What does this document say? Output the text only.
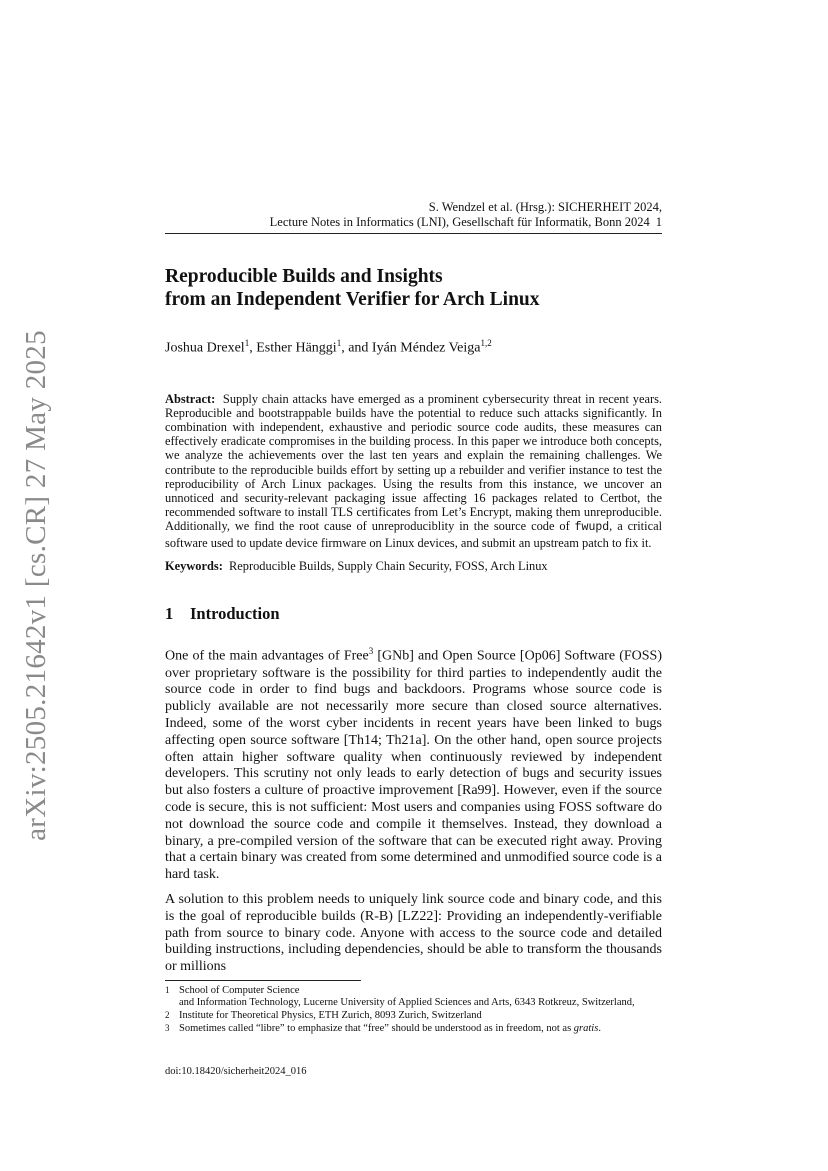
arXiv:2505.21642v1 [cs.CR] 27 May 2025
S. Wendzel et al. (Hrsg.): SICHERHEIT 2024,
Lecture Notes in Informatics (LNI), Gesellschaft für Informatik, Bonn 2024 1
Reproducible Builds and Insights
from an Independent Verifier for Arch Linux
Joshua Drexel$^1$, Esther Hänggi$^1$, and Iyán Méndez Veiga$^{1,2}$
Abstract: Supply chain attacks have emerged as a prominent cybersecurity threat in recent years. Reproducible and bootstrappable builds have the potential to reduce such attacks significantly. In combination with independent, exhaustive and periodic source code audits, these measures can effectively eradicate compromises in the building process. In this paper we introduce both concepts, we analyze the achievements over the last ten years and explain the remaining challenges. We contribute to the reproducible builds effort by setting up a rebuilder and verifier instance to test the reproducibility of Arch Linux packages. Using the results from this instance, we uncover an unnoticed and security-relevant packaging issue affecting 16 packages related to Certbot, the recommended software to install TLS certificates from Let’s Encrypt, making them unreproducible. Additionally, we find the root cause of unreproduciblity in the source code of fwupd, a critical software used to update device firmware on Linux devices, and submit an upstream patch to fix it.
Keywords: Reproducible Builds, Supply Chain Security, FOSS, Arch Linux
1 Introduction

One of the main advantages of Free$^3$ [GNb] and Open Source [Op06] Software (FOSS) over proprietary software is the possibility for third parties to independently audit the source code in order to find bugs and backdoors. Programs whose source code is publicly available are not necessarily more secure than closed source alternatives. Indeed, some of the worst cyber incidents in recent years have been linked to bugs affecting open source software [Th14; Th21a]. On the other hand, open source projects often attain higher software quality when continuously reviewed by independent developers. This scrutiny not only leads to early detection of bugs and security issues but also fosters a culture of proactive improvement [Ra99]. However, even if the source code is secure, this is not sufficient: Most users and companies using FOSS software do not download the source code and compile it themselves. Instead, they download a binary, a pre-compiled version of the software that can be executed right away. Proving that a certain binary was created from some determined and unmodified source code is a hard task.

A solution to this problem needs to uniquely link source code and binary code, and this is the goal of reproducible builds (R-B) [LZ22]: Providing an independently-verifiable path from source to binary code. Anyone with access to the source code and detailed building instructions, including dependencies, should be able to transform the thousands or millions

1 School of Computer Science
and Information Technology, Lucerne University of Applied Sciences and Arts, 6343 Rotkreuz, Switzerland,
2 Institute for Theoretical Physics, ETH Zurich, 8093 Zurich, Switzerland
3 Sometimes called “libre” to emphasize that “free” should be understood as in freedom, not as gratis.
doi:10.18420/sicherheit2024_016
